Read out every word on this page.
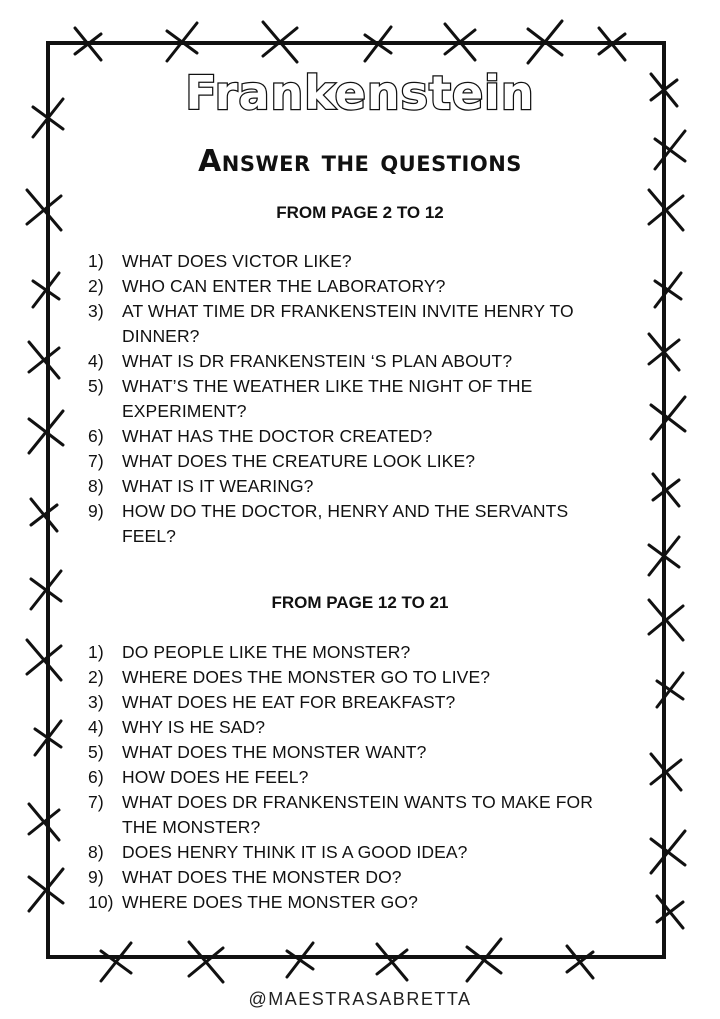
Frankenstein
Answer the questions
FROM PAGE 2 TO 12
1)	WHAT DOES VICTOR LIKE?
2)	WHO CAN ENTER THE LABORATORY?
3)	AT WHAT TIME DR FRANKENSTEIN INVITE HENRY TO DINNER?
4)	WHAT IS DR FRANKENSTEIN ‘S PLAN ABOUT?
5)	WHAT’S THE WEATHER LIKE THE NIGHT OF THE EXPERIMENT?
6)	WHAT HAS THE DOCTOR CREATED?
7)	WHAT DOES THE CREATURE LOOK LIKE?
8)	WHAT IS IT WEARING?
9)	HOW DO THE DOCTOR, HENRY AND THE SERVANTS FEEL?
FROM PAGE 12 TO 21
1)	DO PEOPLE LIKE THE MONSTER?
2)	WHERE DOES THE MONSTER GO TO LIVE?
3)	WHAT DOES HE EAT FOR BREAKFAST?
4)	WHY IS HE SAD?
5)	WHAT DOES THE MONSTER WANT?
6)	HOW DOES HE FEEL?
7)	WHAT DOES DR FRANKENSTEIN WANTS TO MAKE FOR THE MONSTER?
8)	DOES HENRY THINK IT IS A GOOD IDEA?
9)	WHAT DOES THE MONSTER DO?
10) WHERE DOES THE MONSTER GO?
@MAESTRASABRETTA
